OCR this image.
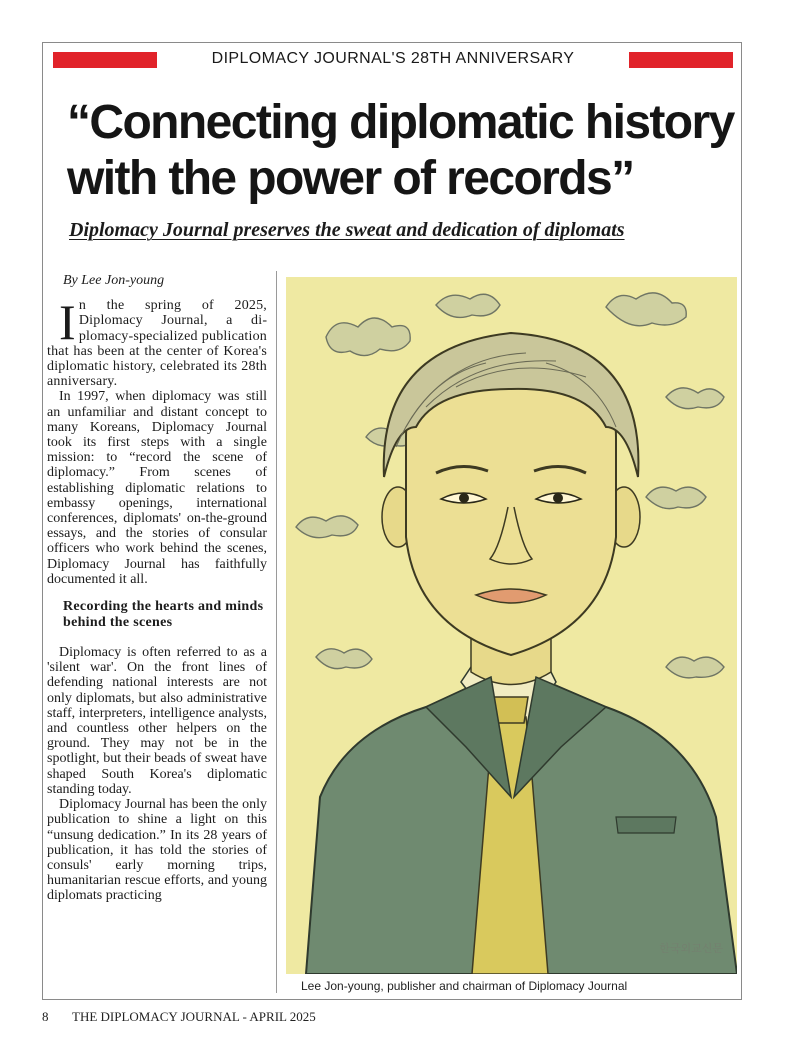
DIPLOMACY JOURNAL'S 28TH ANNIVERSARY
“Connecting diplomatic history with the power of records”
Diplomacy Journal preserves the sweat and dedication of diplomats
By Lee Jon-young

In the spring of 2025, Diplomacy Journal, a diplomacy-specialized publication that has been at the center of Korea's diplomatic history, celebrated its 28th anniversary.

In 1997, when diplomacy was still an unfamiliar and distant concept to many Koreans, Diplomacy Journal took its first steps with a single mission: to “record the scene of diplomacy.” From scenes of establishing diplomatic relations to embassy openings, international conferences, diplomats' on-the-ground essays, and the stories of consular officers who work behind the scenes, Diplomacy Journal has faithfully documented it all.

Recording the hearts and minds behind the scenes

Diplomacy is often referred to as a 'silent war'. On the front lines of defending national interests are not only diplomats, but also administrative staff, interpreters, intelligence analysts, and countless other helpers on the ground. They may not be in the spotlight, but their beads of sweat have shaped South Korea's diplomatic standing today.

Diplomacy Journal has been the only publication to shine a light on this “unsung dedication.” In its 28 years of publication, it has told the stories of consuls' early morning trips, humanitarian rescue efforts, and young diplomats practicing

한국외교신문
Lee Jon-young, publisher and chairman of Diplomacy Journal
8 THE DIPLOMACY JOURNAL - APRIL 2025
